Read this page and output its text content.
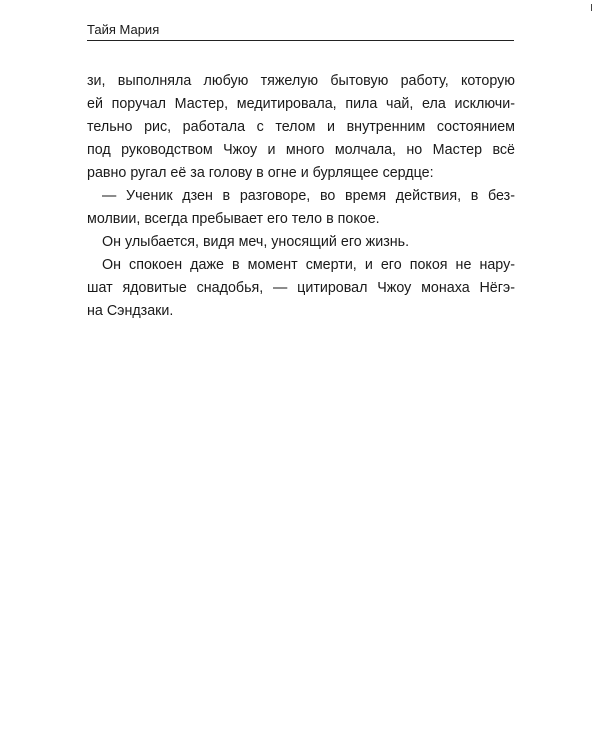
Тайя Мария
зи, выполняла любую тяжелую бытовую работу, которую
ей поручал Мастер, медитировала, пила чай, ела исключи-
тельно рис, работала с телом и внутренним состоянием
под руководством Чжоу и много молчала, но Мастер всё
равно ругал её за голову в огне и бурлящее сердце:
— Ученик дзен в разговоре, во время действия, в без-
молвии, всегда пребывает его тело в покое.
Он улыбается, видя меч, уносящий его жизнь.
Он спокоен даже в момент смерти, и его покоя не нару-
шат ядовитые снадобья, — цитировал Чжоу монаха Нёгэ-
на Сэндзаки.
